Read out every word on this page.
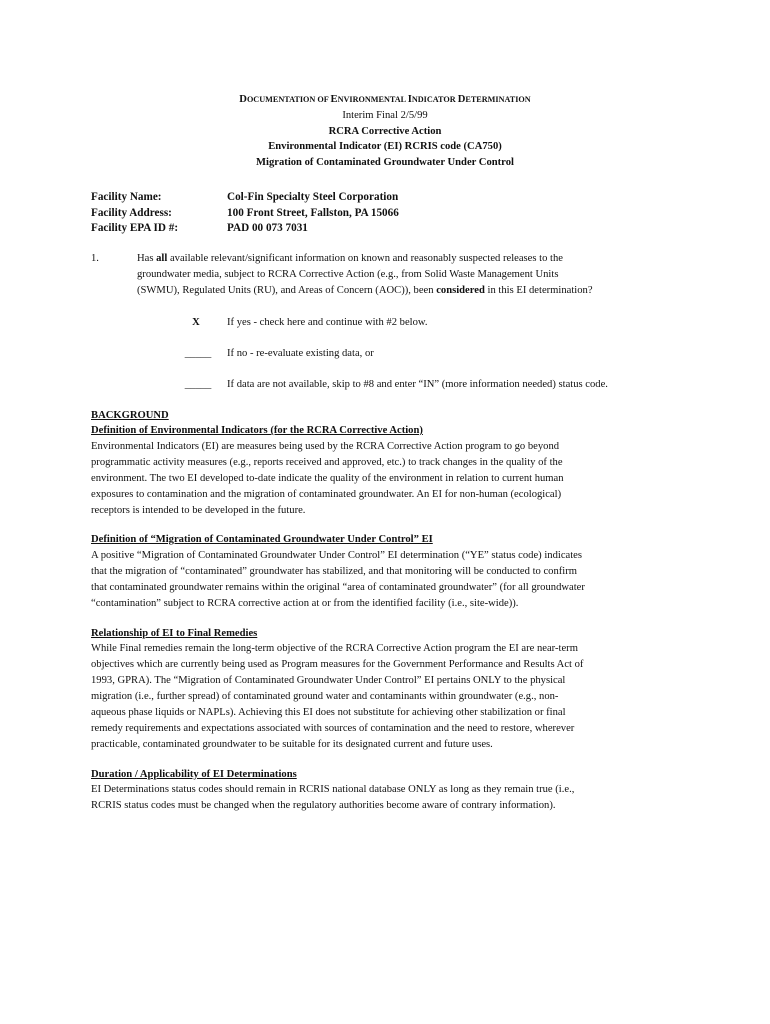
DOCUMENTATION OF ENVIRONMENTAL INDICATOR DETERMINATION
Interim Final 2/5/99
RCRA Corrective Action
Environmental Indicator (EI) RCRIS code (CA750)
Migration of Contaminated Groundwater Under Control
Facility Name:	Col-Fin Specialty Steel Corporation
Facility Address:	100 Front Street, Fallston, PA 15066
Facility EPA ID #:	PAD 00 073 7031
1.	Has all available relevant/significant information on known and reasonably suspected releases to the
groundwater media, subject to RCRA Corrective Action (e.g., from Solid Waste Management Units
(SWMU), Regulated Units (RU), and Areas of Concern (AOC)), been considered in this EI determination?
X	If yes - check here and continue with #2 below.
_____	If no - re-evaluate existing data, or
_____	If data are not available, skip to #8 and enter “IN” (more information needed) status code.
BACKGROUND
Definition of Environmental Indicators (for the RCRA Corrective Action)
Environmental Indicators (EI) are measures being used by the RCRA Corrective Action program to go beyond
programmatic activity measures (e.g., reports received and approved, etc.) to track changes in the quality of the
environment. The two EI developed to-date indicate the quality of the environment in relation to current human
exposures to contamination and the migration of contaminated groundwater. An EI for non-human (ecological)
receptors is intended to be developed in the future.
Definition of “Migration of Contaminated Groundwater Under Control” EI
A positive “Migration of Contaminated Groundwater Under Control” EI determination (“YE” status code) indicates
that the migration of “contaminated” groundwater has stabilized, and that monitoring will be conducted to confirm
that contaminated groundwater remains within the original “area of contaminated groundwater” (for all groundwater
“contamination” subject to RCRA corrective action at or from the identified facility (i.e., site-wide)).
Relationship of EI to Final Remedies
While Final remedies remain the long-term objective of the RCRA Corrective Action program the EI are near-term
objectives which are currently being used as Program measures for the Government Performance and Results Act of
1993, GPRA). The “Migration of Contaminated Groundwater Under Control” EI pertains ONLY to the physical
migration (i.e., further spread) of contaminated ground water and contaminants within groundwater (e.g., non-
aqueous phase liquids or NAPLs). Achieving this EI does not substitute for achieving other stabilization or final
remedy requirements and expectations associated with sources of contamination and the need to restore, wherever
practicable, contaminated groundwater to be suitable for its designated current and future uses.
Duration / Applicability of EI Determinations
EI Determinations status codes should remain in RCRIS national database ONLY as long as they remain true (i.e.,
RCRIS status codes must be changed when the regulatory authorities become aware of contrary information).
